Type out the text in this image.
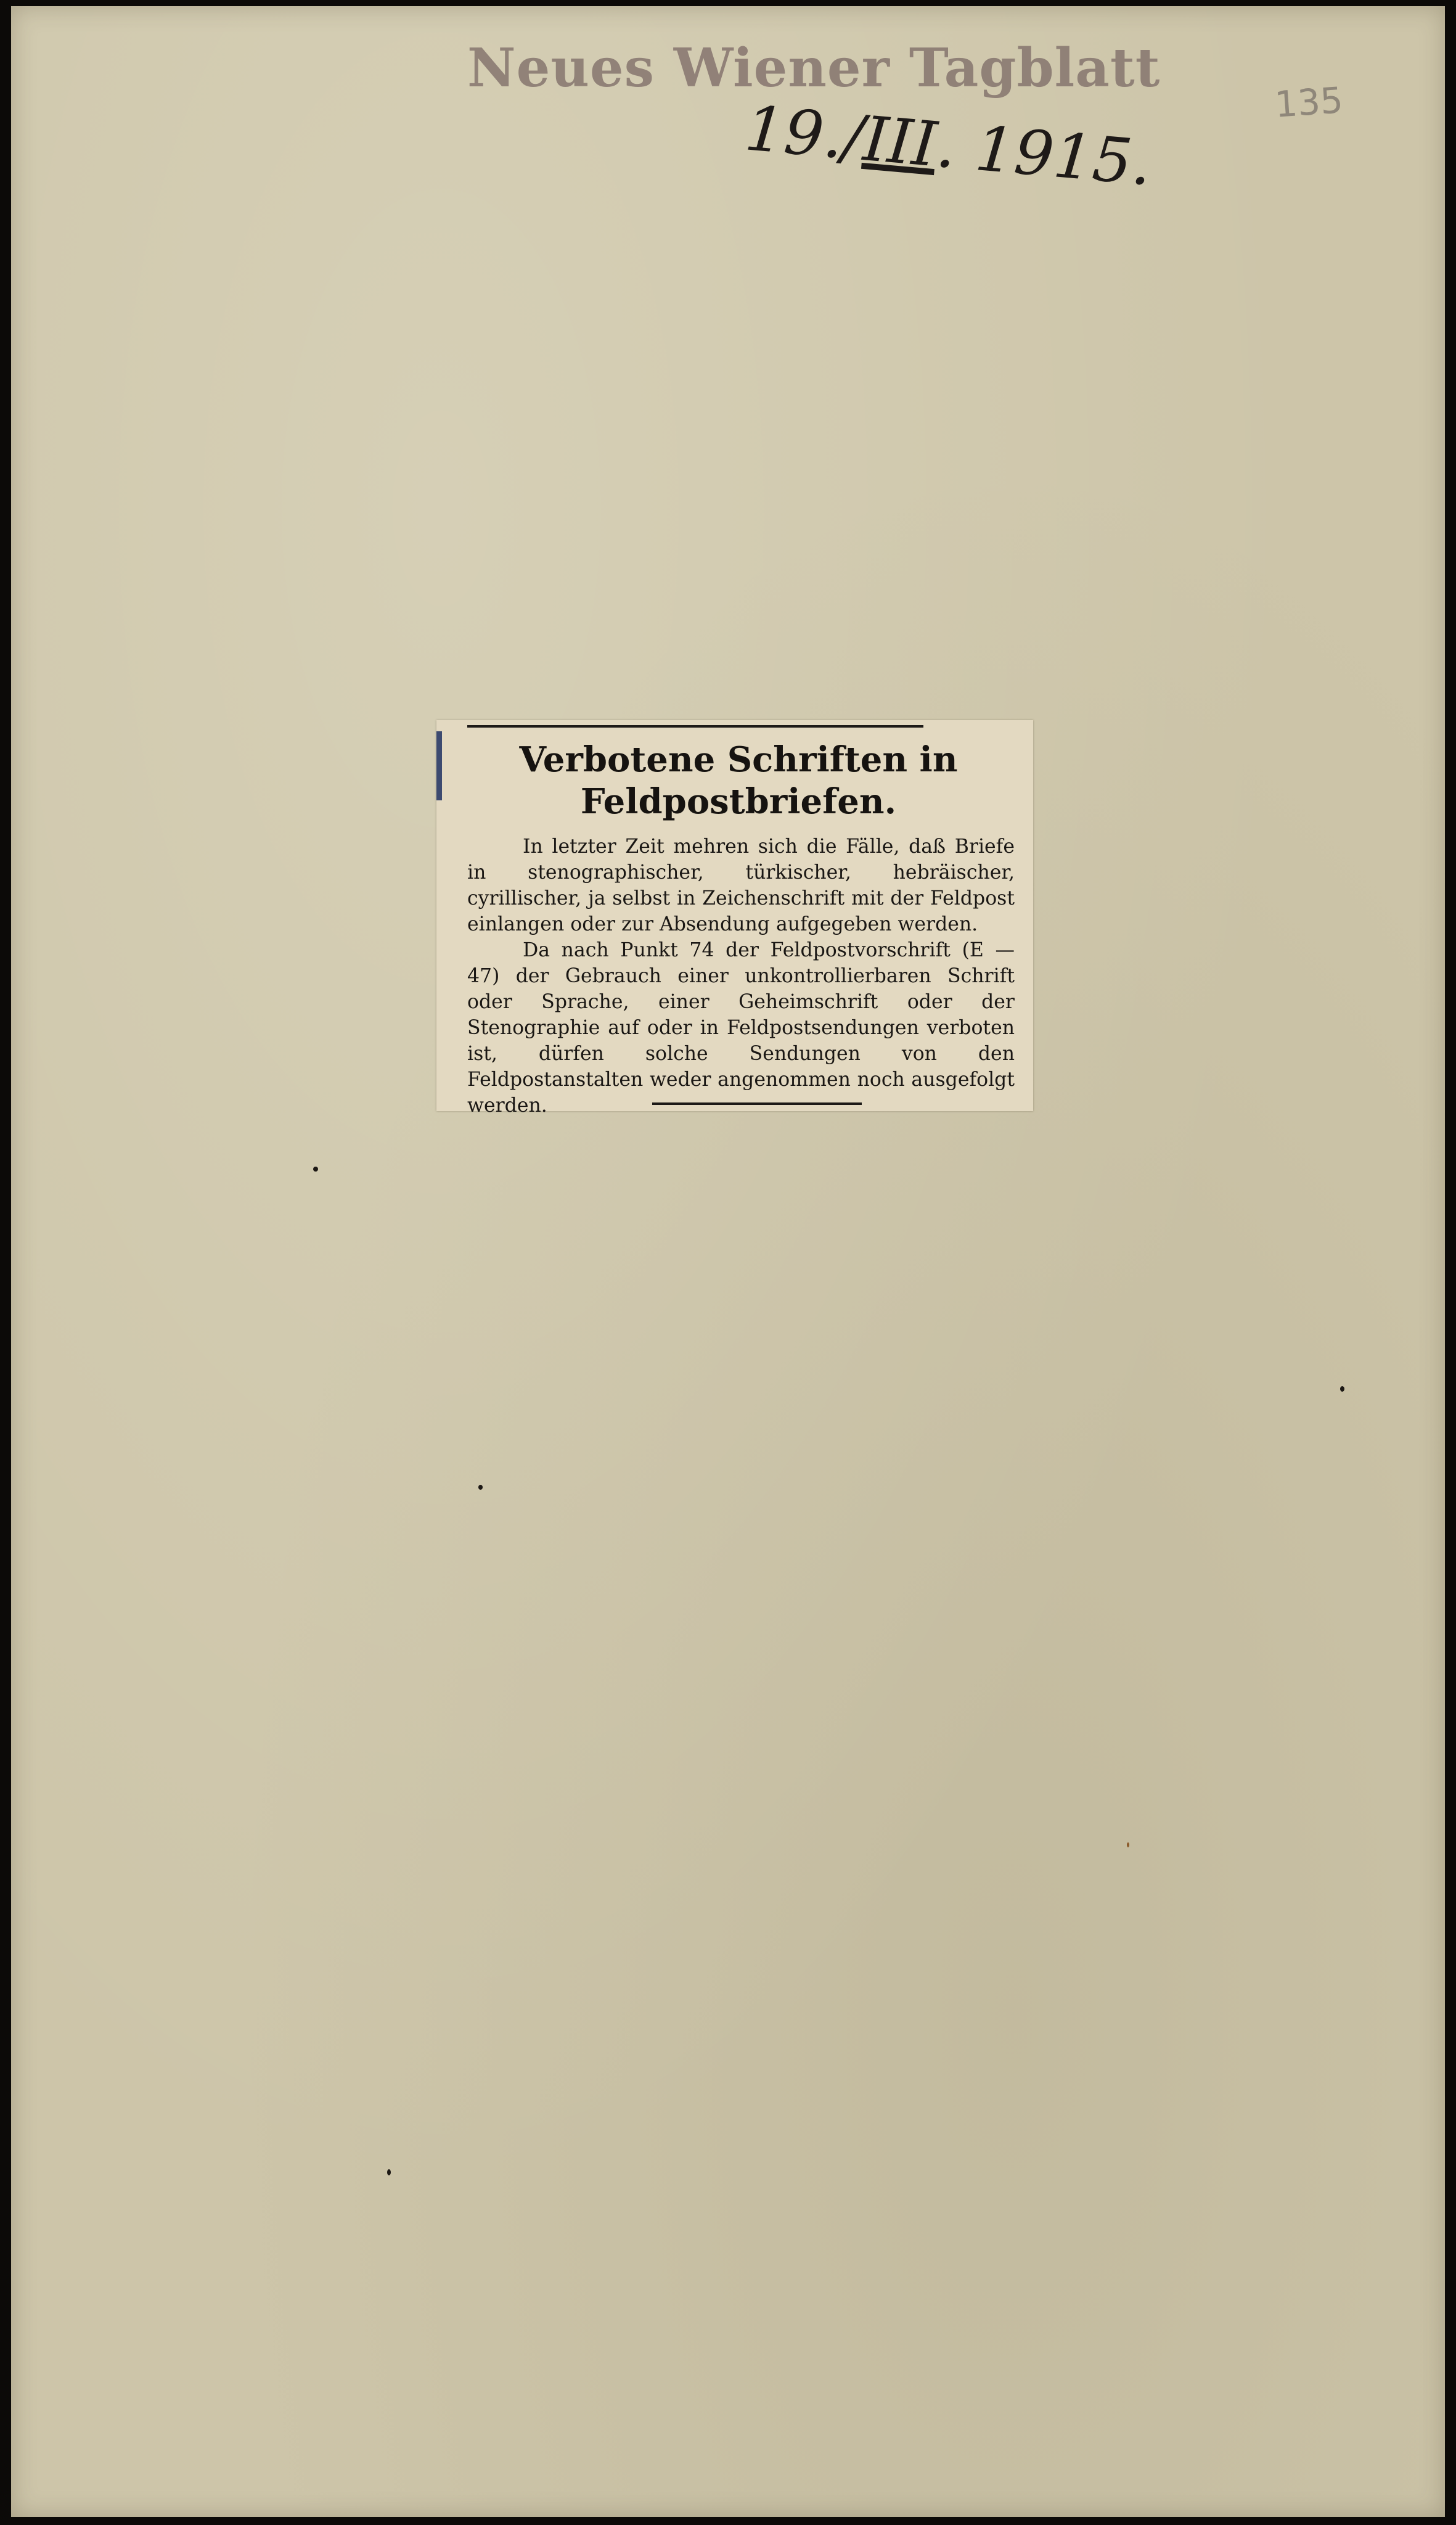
Neues Wiener Tagblatt
19./III. 1915.
135
Verbotene Schriften in Feldpostbriefen.

In letzter Zeit mehren sich die Fälle, daß Briefe in stenographischer, türkischer, hebräischer, cyrillischer, ja selbst in Zeichenschrift mit der Feldpost einlangen oder zur Absendung aufgegeben werden.

Da nach Punkt 74 der Feldpostvorschrift (E — 47) der Gebrauch einer unkontrollierbaren Schrift oder Sprache, einer Geheimschrift oder der Stenographie auf oder in Feldpostsendungen verboten ist, dürfen solche Sendungen von den Feldpostanstalten weder angenommen noch ausgefolgt werden.
